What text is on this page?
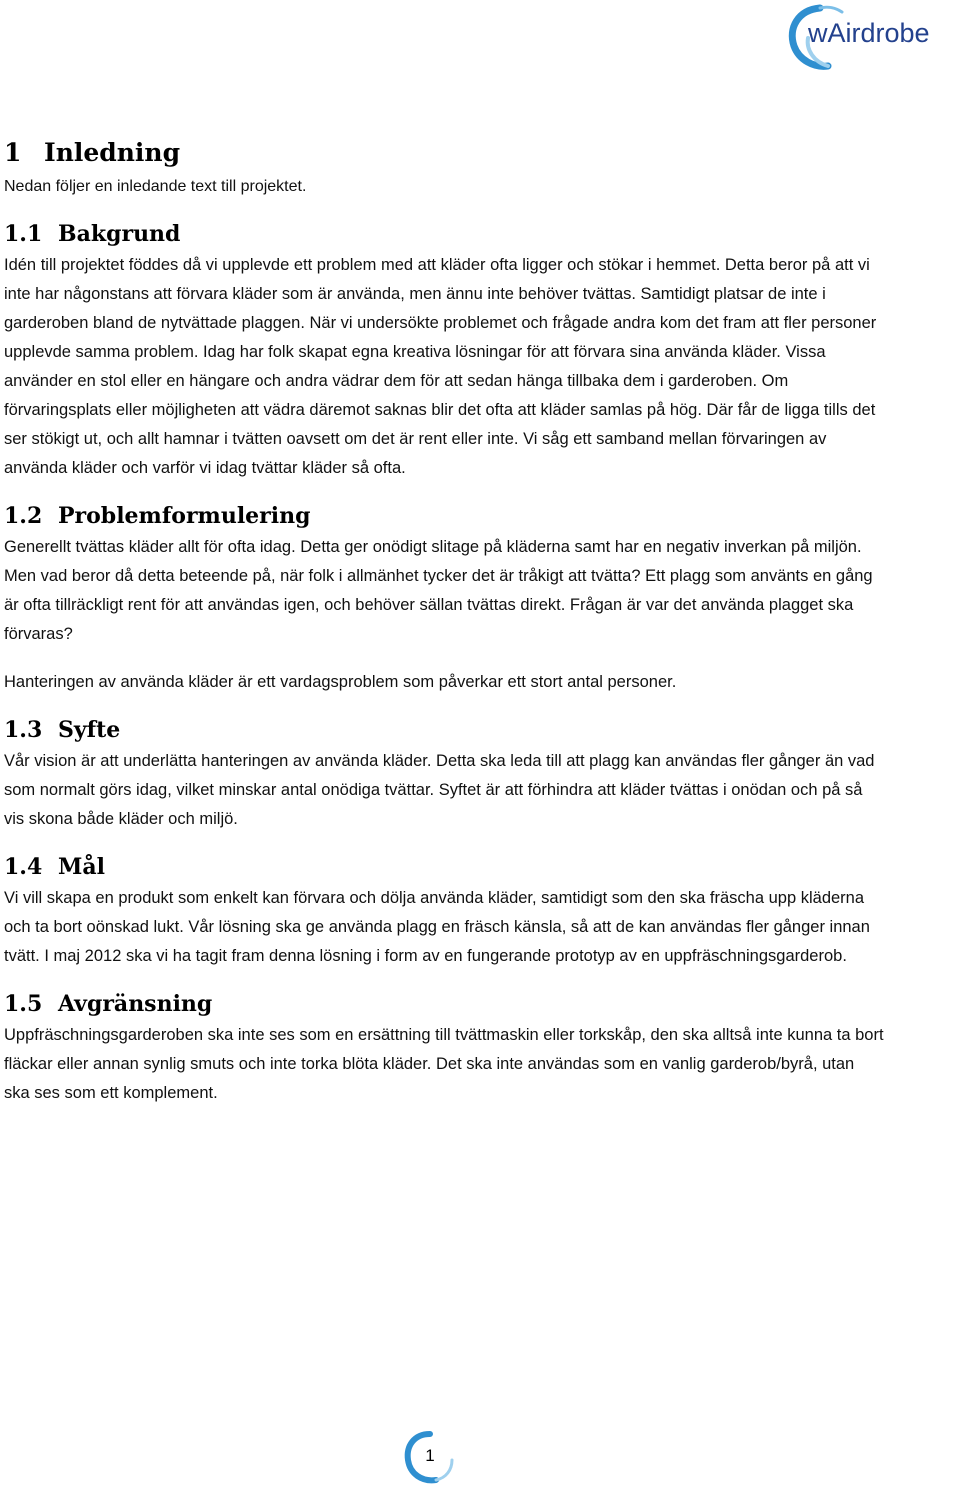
wAirdrobe
1 Inledning

Nedan följer en inledande text till projektet.

1.1 Bakgrund

Idén till projektet föddes då vi upplevde ett problem med att kläder ofta ligger och stökar i hemmet. Detta beror på att vi inte har någonstans att förvara kläder som är använda, men ännu inte behöver tvättas. Samtidigt platsar de inte i garderoben bland de nytvättade plaggen. När vi undersökte problemet och frågade andra kom det fram att fler personer upplevde samma problem. Idag har folk skapat egna kreativa lösningar för att förvara sina använda kläder. Vissa använder en stol eller en hängare och andra vädrar dem för att sedan hänga tillbaka dem i garderoben. Om förvaringsplats eller möjligheten att vädra däremot saknas blir det ofta att kläder samlas på hög. Där får de ligga tills det ser stökigt ut, och allt hamnar i tvätten oavsett om det är rent eller inte. Vi såg ett samband mellan förvaringen av använda kläder och varför vi idag tvättar kläder så ofta.

1.2 Problemformulering

Generellt tvättas kläder allt för ofta idag. Detta ger onödigt slitage på kläderna samt har en negativ inverkan på miljön. Men vad beror då detta beteende på, när folk i allmänhet tycker det är tråkigt att tvätta? Ett plagg som använts en gång är ofta tillräckligt rent för att användas igen, och behöver sällan tvättas direkt. Frågan är var det använda plagget ska förvaras?

Hanteringen av använda kläder är ett vardagsproblem som påverkar ett stort antal personer.

1.3 Syfte

Vår vision är att underlätta hanteringen av använda kläder. Detta ska leda till att plagg kan användas fler gånger än vad som normalt görs idag, vilket minskar antal onödiga tvättar. Syftet är att förhindra att kläder tvättas i onödan och på så vis skona både kläder och miljö.

1.4 Mål

Vi vill skapa en produkt som enkelt kan förvara och dölja använda kläder, samtidigt som den ska fräscha upp kläderna och ta bort oönskad lukt. Vår lösning ska ge använda plagg en fräsch känsla, så att de kan användas fler gånger innan tvätt. I maj 2012 ska vi ha tagit fram denna lösning i form av en fungerande prototyp av en uppfräschningsgarderob.

1.5 Avgränsning

Uppfräschningsgarderoben ska inte ses som en ersättning till tvättmaskin eller torkskåp, den ska alltså inte kunna ta bort fläckar eller annan synlig smuts och inte torka blöta kläder. Det ska inte användas som en vanlig garderob/byrå, utan ska ses som ett komplement.

1
